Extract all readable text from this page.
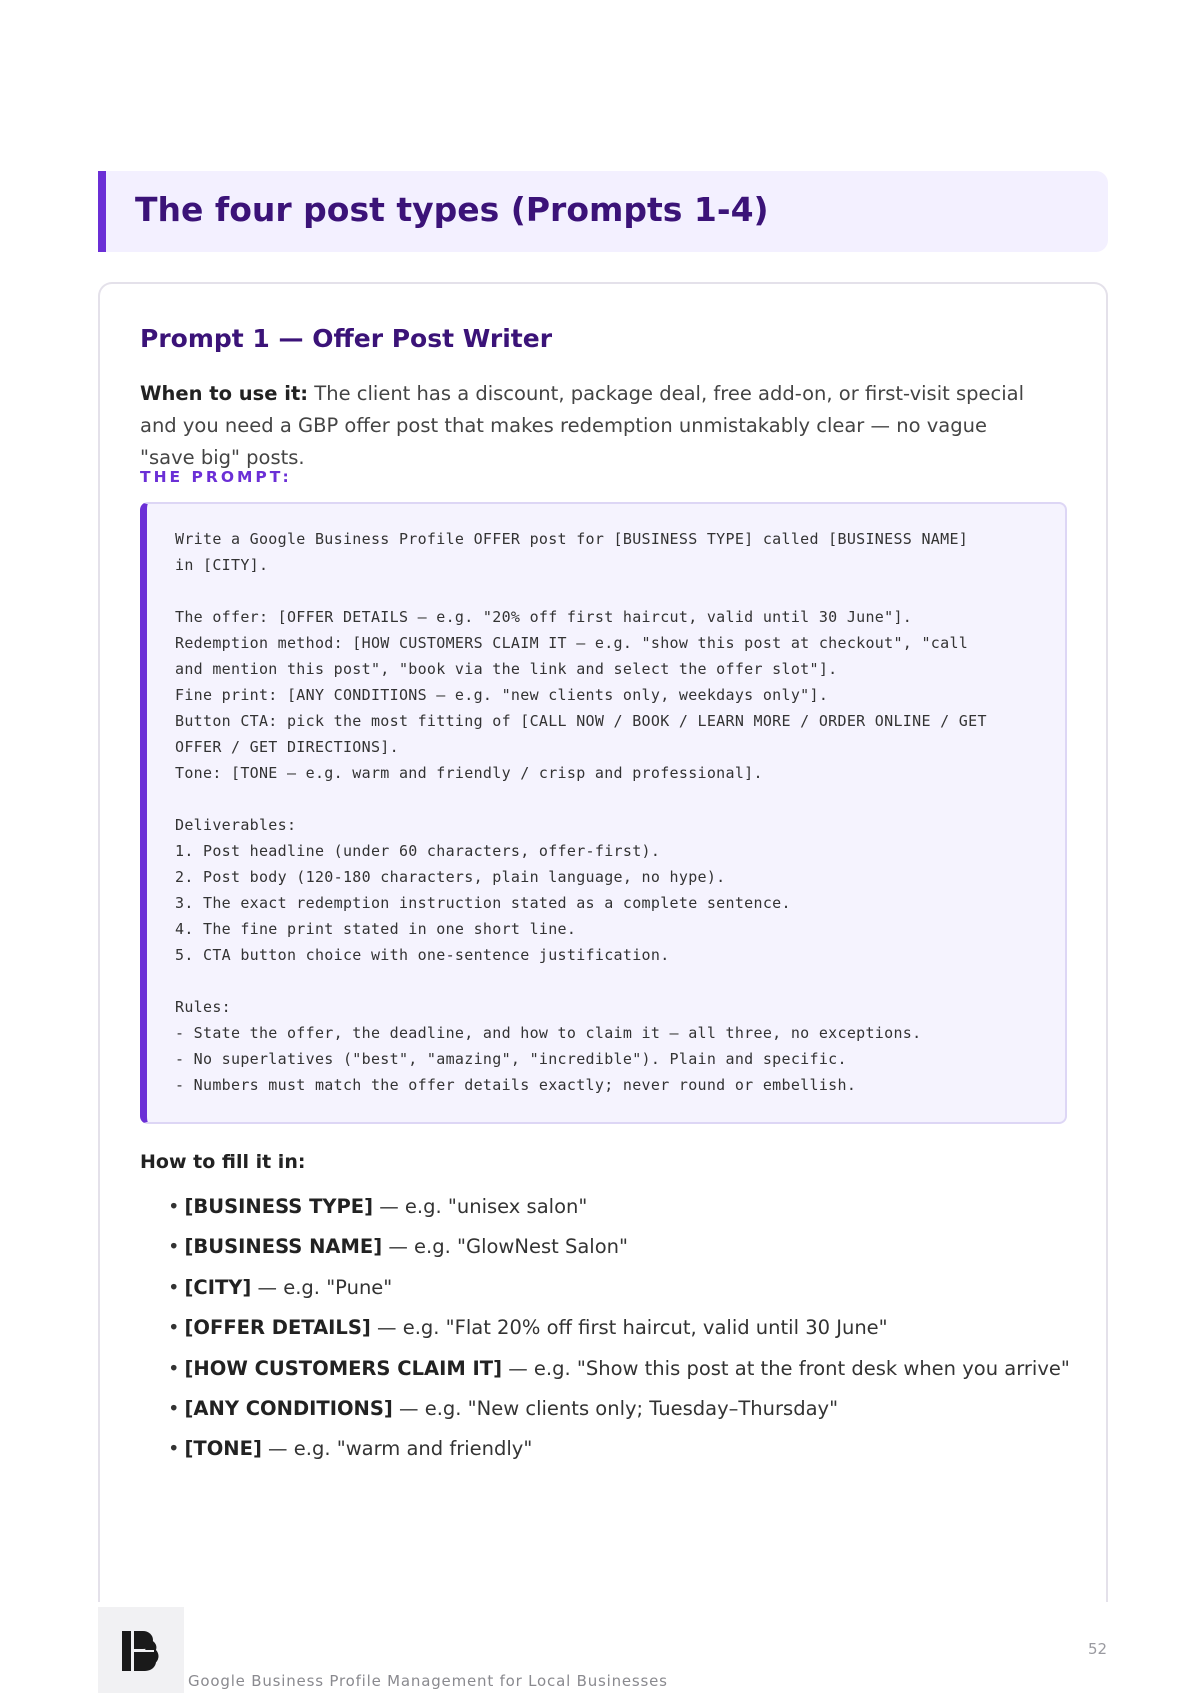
The four post types (Prompts 1-4)
Prompt 1 — Offer Post Writer

When to use it: The client has a discount, package deal, free add-on, or first-visit special and you need a GBP offer post that makes redemption unmistakably clear — no vague "save big" posts.

THE PROMPT:
Write a Google Business Profile OFFER post for [BUSINESS TYPE] called [BUSINESS NAME]
in [CITY].

The offer: [OFFER DETAILS — e.g. "20% off first haircut, valid until 30 June"].
Redemption method: [HOW CUSTOMERS CLAIM IT — e.g. "show this post at checkout", "call
and mention this post", "book via the link and select the offer slot"].
Fine print: [ANY CONDITIONS — e.g. "new clients only, weekdays only"].
Button CTA: pick the most fitting of [CALL NOW / BOOK / LEARN MORE / ORDER ONLINE / GET
OFFER / GET DIRECTIONS].
Tone: [TONE — e.g. warm and friendly / crisp and professional].

Deliverables:
1. Post headline (under 60 characters, offer-first).
2. Post body (120-180 characters, plain language, no hype).
3. The exact redemption instruction stated as a complete sentence.
4. The fine print stated in one short line.
5. CTA button choice with one-sentence justification.

Rules:
- State the offer, the deadline, and how to claim it — all three, no exceptions.
- No superlatives ("best", "amazing", "incredible"). Plain and specific.
- Numbers must match the offer details exactly; never round or embellish.
How to fill it in:
• [BUSINESS TYPE] — e.g. "unisex salon"
• [BUSINESS NAME] — e.g. "GlowNest Salon"
• [CITY] — e.g. "Pune"
• [OFFER DETAILS] — e.g. "Flat 20% off first haircut, valid until 30 June"
• [HOW CUSTOMERS CLAIM IT] — e.g. "Show this post at the front desk when you arrive"
• [ANY CONDITIONS] — e.g. "New clients only; Tuesday–Thursday"
• [TONE] — e.g. "warm and friendly"
Google Business Profile Management for Local Businesses
52
